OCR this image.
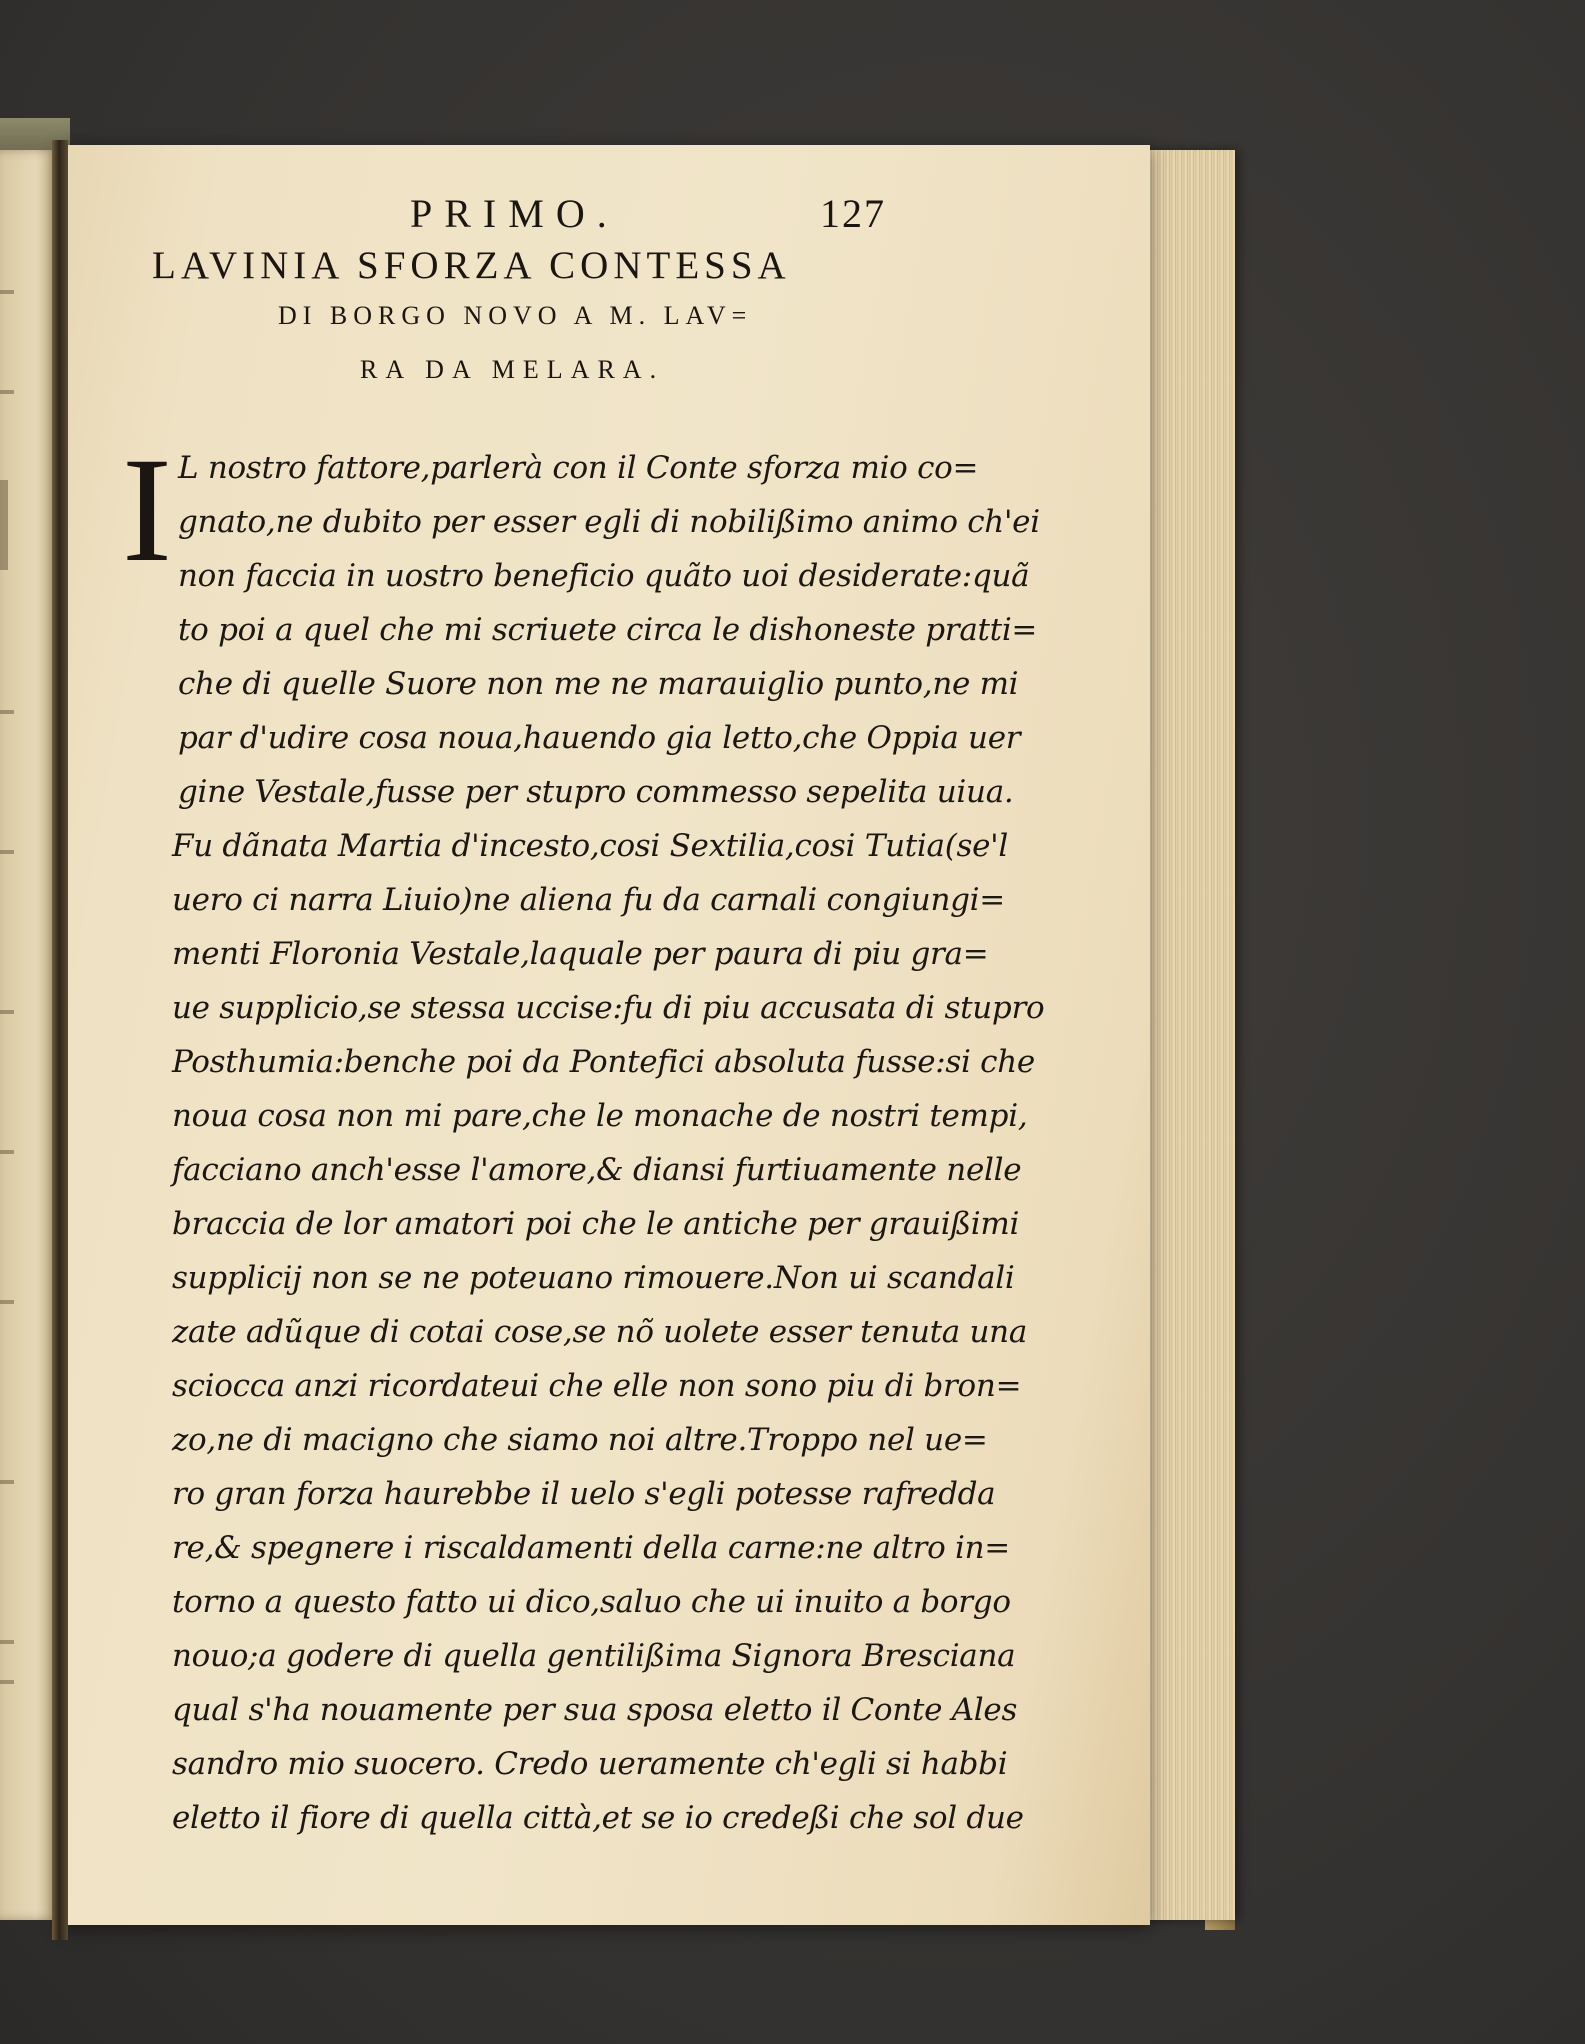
PRIMO.	127
LAVINIA SFORZA CONTESSA
DI BORGO NOVO A M. LAV=
RA DA MELARA.
I L nostro fattore,parlerà con il Conte sforza mio co=
gnato,ne dubito per esser egli di nobilißimo animo ch'ei
non faccia in uostro beneficio quãto uoi desiderate:quã
to poi a quel che mi scriuete circa le dishoneste pratti=
che di quelle Suore non me ne marauiglio punto,ne mi
par d'udire cosa noua,hauendo gia letto,che Oppia uer
gine Vestale,fusse per stupro commesso sepelita uiua.
Fu dãnata Martia d'incesto,cosi Sextilia,cosi Tutia(se'l
uero ci narra Liuio)ne aliena fu da carnali congiungi=
menti Floronia Vestale,laquale per paura di piu gra=
ue supplicio,se stessa uccise:fu di piu accusata di stupro
Posthumia:benche poi da Pontefici absoluta fusse:si che
noua cosa non mi pare,che le monache de nostri tempi,
facciano anch'esse l'amore,& diansi furtiuamente nelle
braccia de lor amatori poi che le antiche per grauißimi
supplicij non se ne poteuano rimouere.Non ui scandali
zate adũque di cotai cose,se nõ uolete esser tenuta una
sciocca anzi ricordateui che elle non sono piu di bron=
zo,ne di macigno che siamo noi altre.Troppo nel ue=
ro gran forza haurebbe il uelo s'egli potesse rafredda
re,& spegnere i riscaldamenti della carne:ne altro in=
torno a questo fatto ui dico,saluo che ui inuito a borgo
nouo;a godere di quella gentilißima Signora Bresciana
qual s'ha nouamente per sua sposa eletto il Conte Ales
sandro mio suocero. Credo ueramente ch'egli si habbi
eletto il fiore di quella città,et se io credeßi che sol due
